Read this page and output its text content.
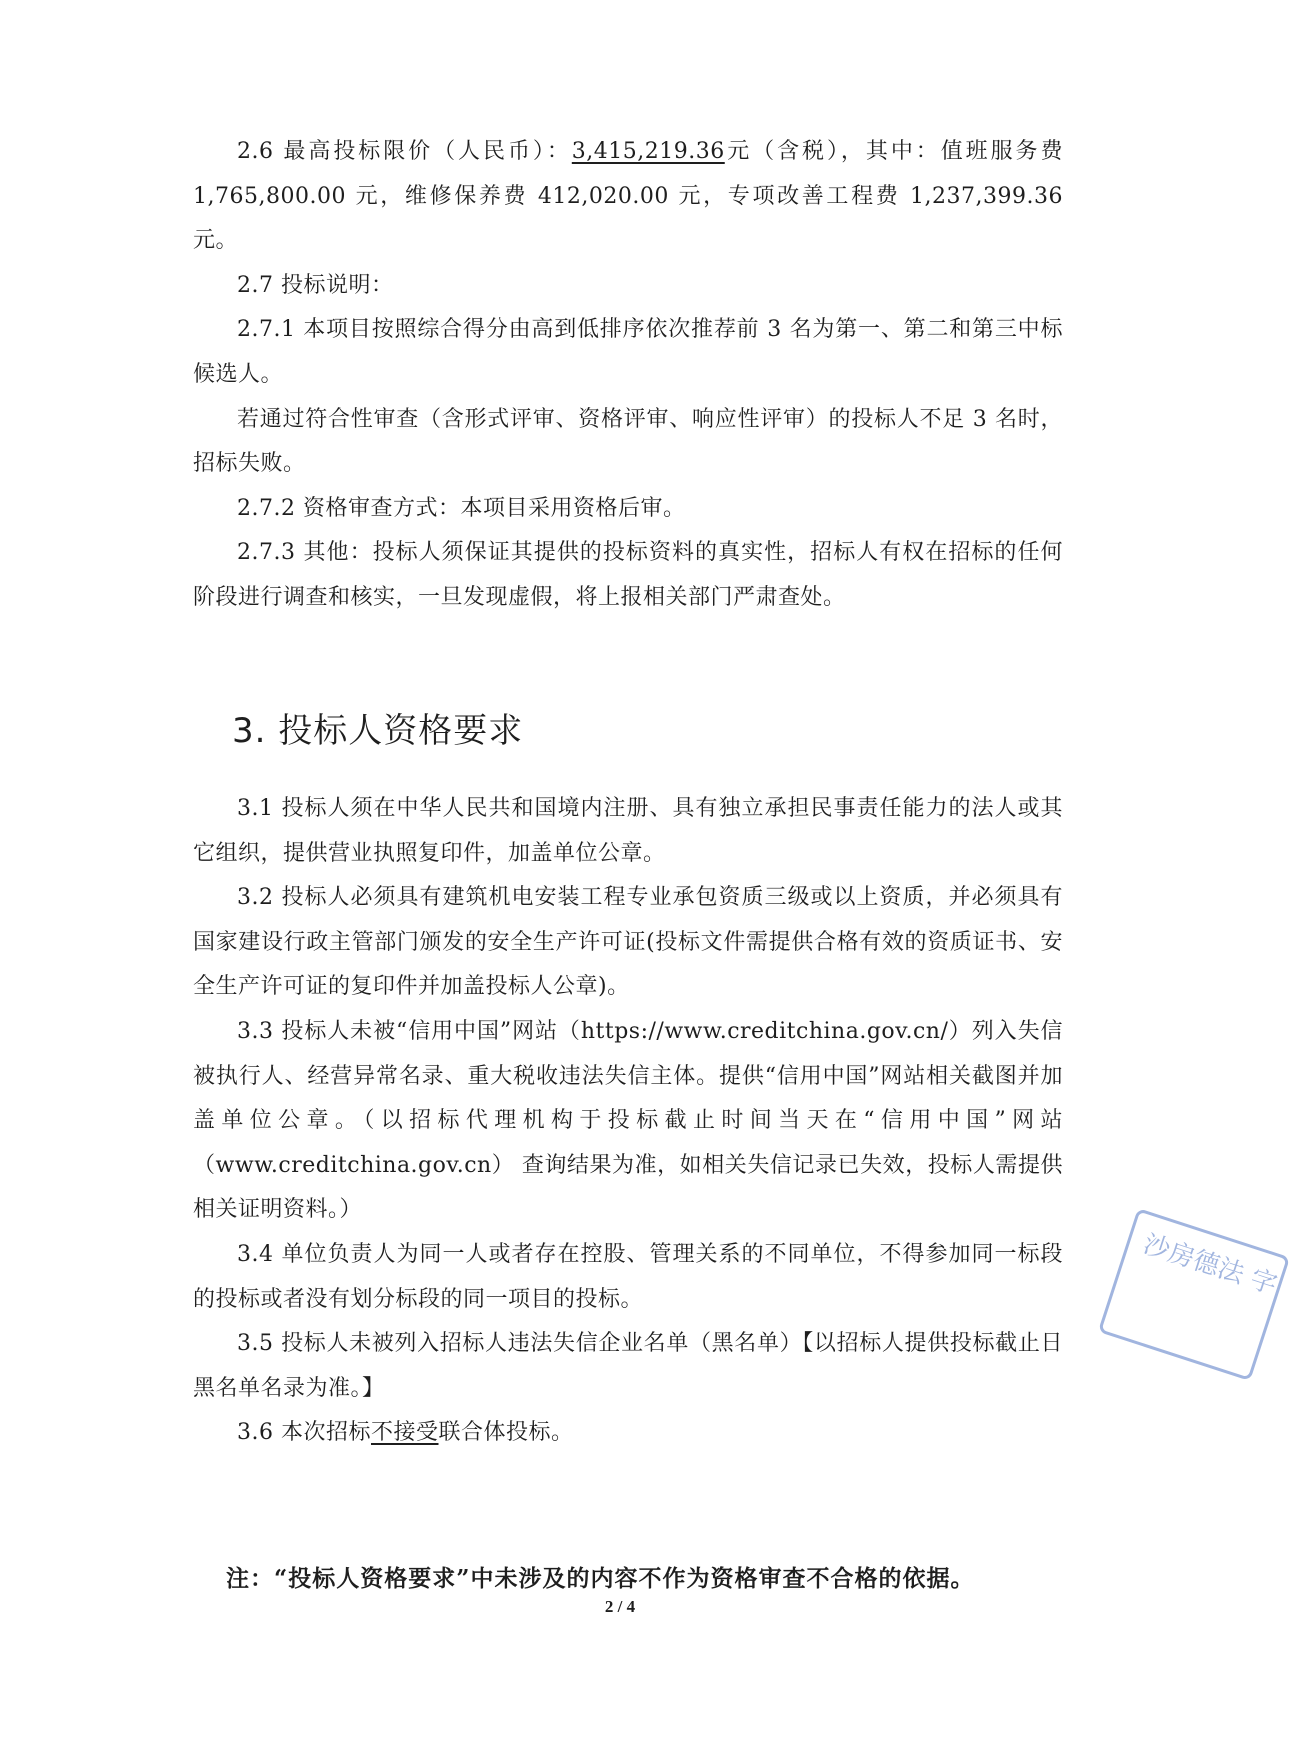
2.6 最高投标限价（人民币）：3,415,219.36元（含税），其中：值班服务费 1,765,800.00 元，维修保养费 412,020.00 元，专项改善工程费 1,237,399.36 元。

2.7 投标说明：

2.7.1 本项目按照综合得分由高到低排序依次推荐前 3 名为第一、第二和第三中标候选人。

若通过符合性审查（含形式评审、资格评审、响应性评审）的投标人不足 3 名时，招标失败。

2.7.2 资格审查方式：本项目采用资格后审。

2.7.3 其他：投标人须保证其提供的投标资料的真实性，招标人有权在招标的任何阶段进行调查和核实，一旦发现虚假，将上报相关部门严肃查处。

3. 投标人资格要求

3.1 投标人须在中华人民共和国境内注册、具有独立承担民事责任能力的法人或其它组织，提供营业执照复印件，加盖单位公章。

3.2 投标人必须具有建筑机电安装工程专业承包资质三级或以上资质，并必须具有国家建设行政主管部门颁发的安全生产许可证(投标文件需提供合格有效的资质证书、安全生产许可证的复印件并加盖投标人公章)。

3.3 投标人未被“信用中国”网站（https://www.creditchina.gov.cn/）列入失信被执行人、经营异常名录、重大税收违法失信主体。提供“信用中国”网站相关截图并加盖单位公章。（以招标代理机构于投标截止时间当天在“信用中国”网站（www.creditchina.gov.cn） 查询结果为准，如相关失信记录已失效，投标人需提供相关证明资料。）

3.4 单位负责人为同一人或者存在控股、管理关系的不同单位，不得参加同一标段的投标或者没有划分标段的同一项目的投标。

3.5 投标人未被列入招标人违法失信企业名单（黑名单）【以招标人提供投标截止日黑名单名录为准。】

3.6 本次招标不接受联合体投标。

注：“投标人资格要求”中未涉及的内容不作为资格审查不合格的依据。

2 / 4
沙房德法 字
